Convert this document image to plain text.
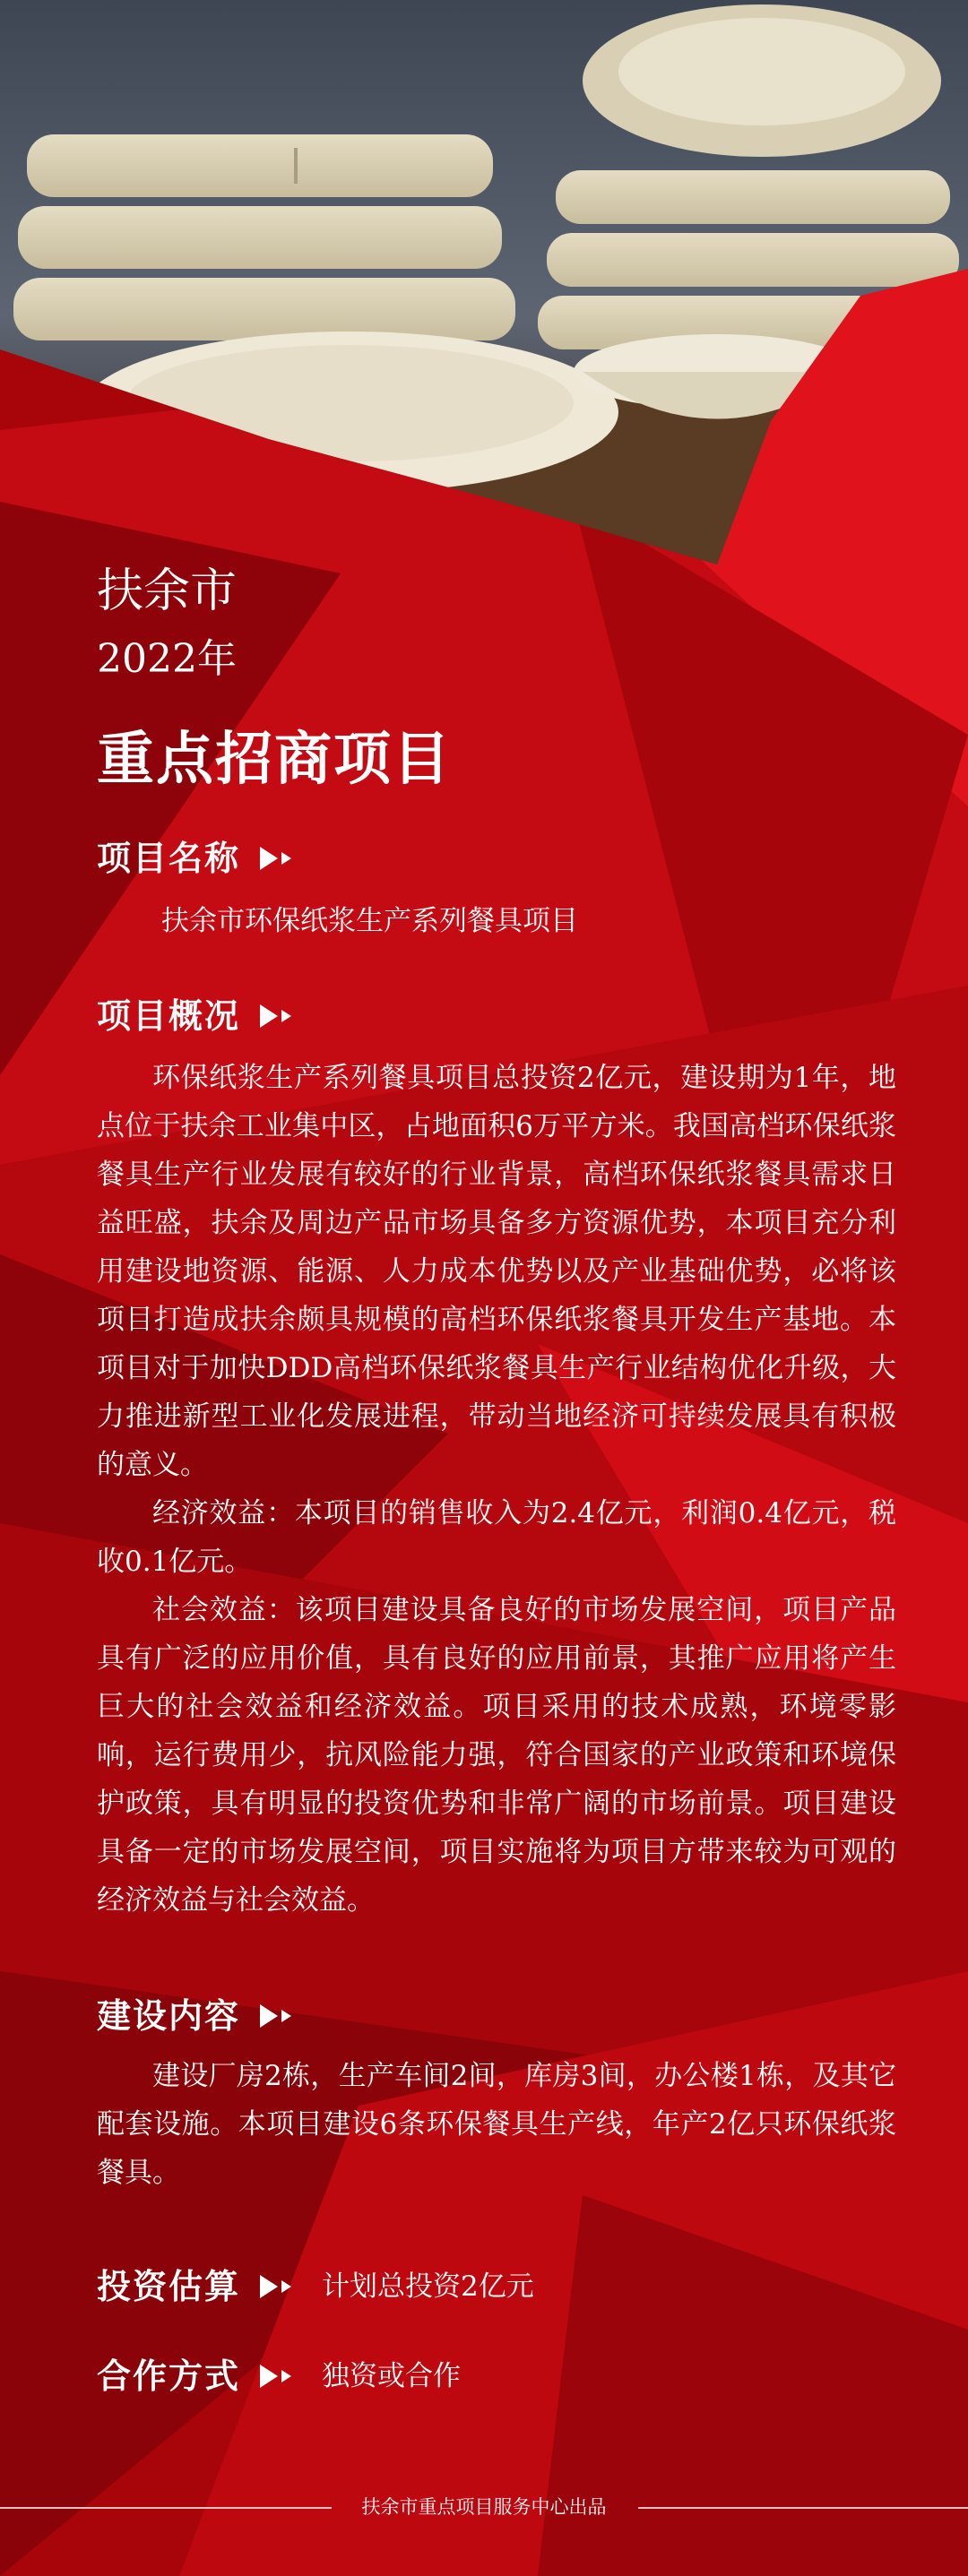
扶余市
2022年
重点招商项目
项目名称
扶余市环保纸浆生产系列餐具项目
项目概况

环保纸浆生产系列餐具项目总投资2亿元，建设期为1年，地点位于扶余工业集中区，占地面积6万平方米。我国高档环保纸浆餐具生产行业发展有较好的行业背景，高档环保纸浆餐具需求日益旺盛，扶余及周边产品市场具备多方资源优势，本项目充分利用建设地资源、能源、人力成本优势以及产业基础优势，必将该项目打造成扶余颇具规模的高档环保纸浆餐具开发生产基地。本项目对于加快DDD高档环保纸浆餐具生产行业结构优化升级，大力推进新型工业化发展进程，带动当地经济可持续发展具有积极的意义。

经济效益：本项目的销售收入为2.4亿元，利润0.4亿元，税收0.1亿元。

社会效益：该项目建设具备良好的市场发展空间，项目产品具有广泛的应用价值，具有良好的应用前景，其推广应用将产生巨大的社会效益和经济效益。项目采用的技术成熟，环境零影响，运行费用少，抗风险能力强，符合国家的产业政策和环境保护政策，具有明显的投资优势和非常广阔的市场前景。项目建设具备一定的市场发展空间，项目实施将为项目方带来较为可观的经济效益与社会效益。

建设内容

建设厂房2栋，生产车间2间，库房3间，办公楼1栋，及其它配套设施。本项目建设6条环保餐具生产线，年产2亿只环保纸浆餐具。

投资估算	计划总投资2亿元
合作方式	独资或合作
扶余市重点项目服务中心出品
